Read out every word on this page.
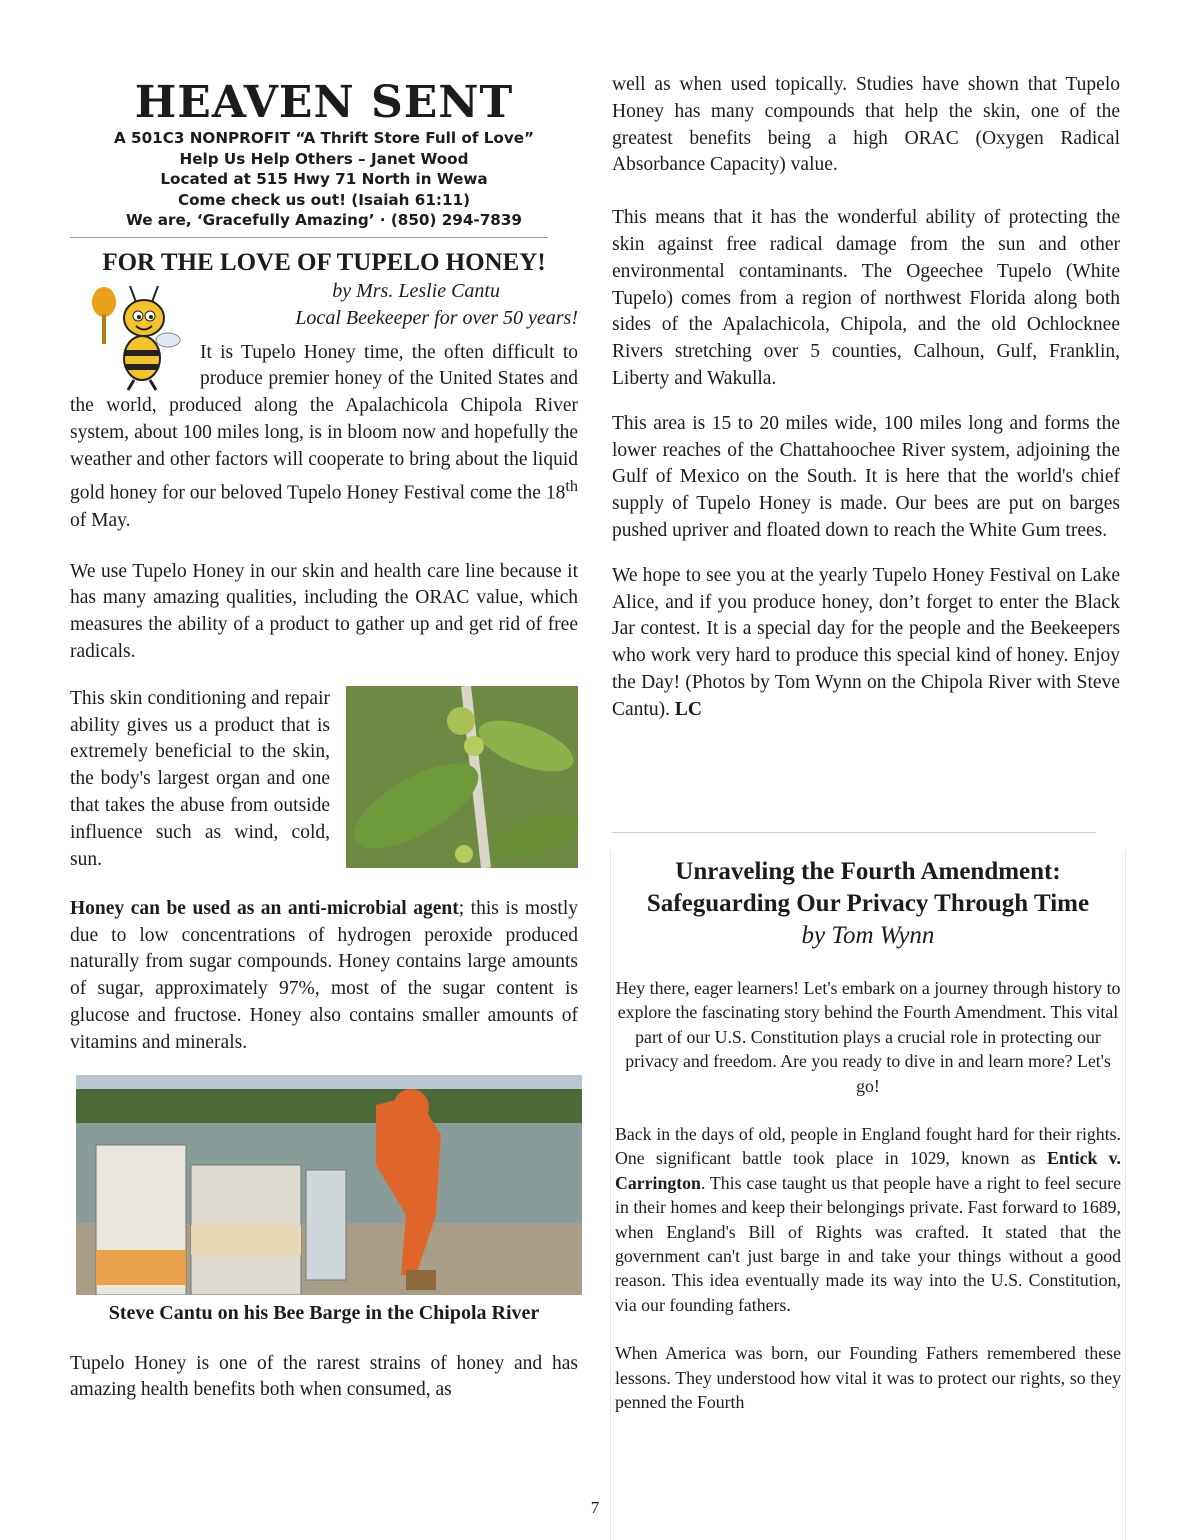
HEAVEN SENT
A 501C3 NONPROFIT “A Thrift Store Full of Love”
Help Us Help Others – Janet Wood
Located at 515 Hwy 71 North in Wewa
Come check us out! (Isaiah 61:11)
We are, ‘Gracefully Amazing’ · (850) 294-7839
FOR THE LOVE OF TUPELO HONEY!
by Mrs. Leslie Cantu
Local Beekeeper for over 50 years!

It is Tupelo Honey time, the often difficult to produce premier honey of the United States and the world, produced along the Apalachicola Chipola River system, about 100 miles long, is in bloom now and hopefully the weather and other factors will cooperate to bring about the liquid gold honey for our beloved Tupelo Honey Festival come the 18th of May.

We use Tupelo Honey in our skin and health care line because it has many amazing qualities, including the ORAC value, which measures the ability of a product to gather up and get rid of free radicals.

This skin conditioning and repair ability gives us a product that is extremely beneficial to the skin, the body's largest organ and one that takes the abuse from outside influence such as wind, cold, sun.

Honey can be used as an anti-microbial agent; this is mostly due to low concentrations of hydrogen peroxide produced naturally from sugar compounds. Honey contains large amounts of sugar, approximately 97%, most of the sugar content is glucose and fructose. Honey also contains smaller amounts of vitamins and minerals.

Steve Cantu on his Bee Barge in the Chipola River

Tupelo Honey is one of the rarest strains of honey and has amazing health benefits both when consumed, as

well as when used topically. Studies have shown that Tupelo Honey has many compounds that help the skin, one of the greatest benefits being a high ORAC (Oxygen Radical Absorbance Capacity) value.

This means that it has the wonderful ability of protecting the skin against free radical damage from the sun and other environmental contaminants. The Ogeechee Tupelo (White Tupelo) comes from a region of northwest Florida along both sides of the Apalachicola, Chipola, and the old Ochlocknee Rivers stretching over 5 counties, Calhoun, Gulf, Franklin, Liberty and Wakulla.

This area is 15 to 20 miles wide, 100 miles long and forms the lower reaches of the Chattahoochee River system, adjoining the Gulf of Mexico on the South. It is here that the world's chief supply of Tupelo Honey is made. Our bees are put on barges pushed upriver and floated down to reach the White Gum trees.

We hope to see you at the yearly Tupelo Honey Festival on Lake Alice, and if you produce honey, don’t forget to enter the Black Jar contest. It is a special day for the people and the Beekeepers who work very hard to produce this special kind of honey. Enjoy the Day! (Photos by Tom Wynn on the Chipola River with Steve Cantu). LC

Unraveling the Fourth Amendment:
Safeguarding Our Privacy Through Time
by Tom Wynn

Hey there, eager learners! Let's embark on a journey through history to explore the fascinating story behind the Fourth Amendment. This vital part of our U.S. Constitution plays a crucial role in protecting our privacy and freedom. Are you ready to dive in and learn more? Let's go!

Back in the days of old, people in England fought hard for their rights. One significant battle took place in 1029, known as Entick v. Carrington. This case taught us that people have a right to feel secure in their homes and keep their belongings private. Fast forward to 1689, when England's Bill of Rights was crafted. It stated that the government can't just barge in and take your things without a good reason. This idea eventually made its way into the U.S. Constitution, via our founding fathers.

When America was born, our Founding Fathers remembered these lessons. They understood how vital it was to protect our rights, so they penned the Fourth

7
